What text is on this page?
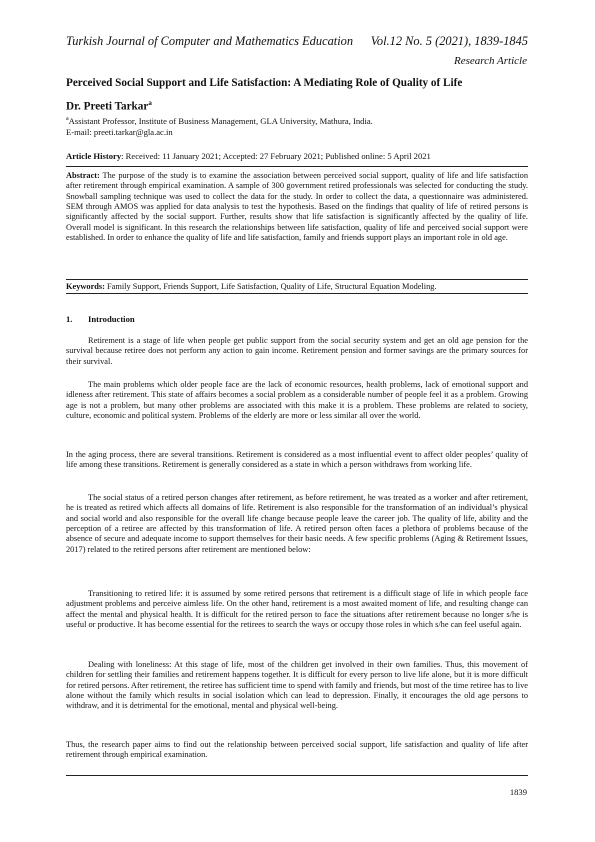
Turkish Journal of Computer and Mathematics Education Vol.12 No. 5 (2021), 1839-1845
Research Article
Perceived Social Support and Life Satisfaction: A Mediating Role of Quality of Life
Dr. Preeti Tarkar$^a$
$^a$Assistant Professor, Institute of Business Management, GLA University, Mathura, India.
E-mail: preeti.tarkar@gla.ac.in
Article History: Received: 11 January 2021; Accepted: 27 February 2021; Published online: 5 April 2021
Abstract: The purpose of the study is to examine the association between perceived social support, quality of life and life satisfaction after retirement through empirical examination. A sample of 300 government retired professionals was selected for conducting the study. Snowball sampling technique was used to collect the data for the study. In order to collect the data, a questionnaire was administered. SEM through AMOS was applied for data analysis to test the hypothesis. Based on the findings that quality of life of retired persons is significantly affected by the social support. Further, results show that life satisfaction is significantly affected by the quality of life. Overall model is significant. In this research the relationships between life satisfaction, quality of life and perceived social support were established. In order to enhance the quality of life and life satisfaction, family and friends support plays an important role in old age.
Keywords: Family Support, Friends Support, Life Satisfaction, Quality of Life, Structural Equation Modeling.
1. Introduction

Retirement is a stage of life when people get public support from the social security system and get an old age pension for the survival because retiree does not perform any action to gain income. Retirement pension and former savings are the primary sources for their survival.

The main problems which older people face are the lack of economic resources, health problems, lack of emotional support and idleness after retirement. This state of affairs becomes a social problem as a considerable number of people feel it as a problem. Growing age is not a problem, but many other problems are associated with this make it is a problem. These problems are related to society, culture, economic and political system. Problems of the elderly are more or less similar all over the world.

In the aging process, there are several transitions. Retirement is considered as a most influential event to affect older peoples’ quality of life among these transitions. Retirement is generally considered as a state in which a person withdraws from working life.

The social status of a retired person changes after retirement, as before retirement, he was treated as a worker and after retirement, he is treated as retired which affects all domains of life. Retirement is also responsible for the transformation of an individual’s physical and social world and also responsible for the overall life change because people leave the career job. The quality of life, ability and the perception of a retiree are affected by this transformation of life. A retired person often faces a plethora of problems because of the absence of secure and adequate income to support themselves for their basic needs. A few specific problems (Aging & Retirement Issues, 2017) related to the retired persons after retirement are mentioned below:

Transitioning to retired life: it is assumed by some retired persons that retirement is a difficult stage of life in which people face adjustment problems and perceive aimless life. On the other hand, retirement is a most awaited moment of life, and resulting change can affect the mental and physical health. It is difficult for the retired person to face the situations after retirement because no longer s/he is useful or productive. It has become essential for the retirees to search the ways or occupy those roles in which s/he can feel useful again.

Dealing with loneliness: At this stage of life, most of the children get involved in their own families. Thus, this movement of children for settling their families and retirement happens together. It is difficult for every person to live life alone, but it is more difficult for retired persons. After retirement, the retiree has sufficient time to spend with family and friends, but most of the time retiree has to live alone without the family which results in social isolation which can lead to depression. Finally, it encourages the old age persons to withdraw, and it is detrimental for the emotional, mental and physical well-being.

Thus, the research paper aims to find out the relationship between perceived social support, life satisfaction and quality of life after retirement through empirical examination.

1839
